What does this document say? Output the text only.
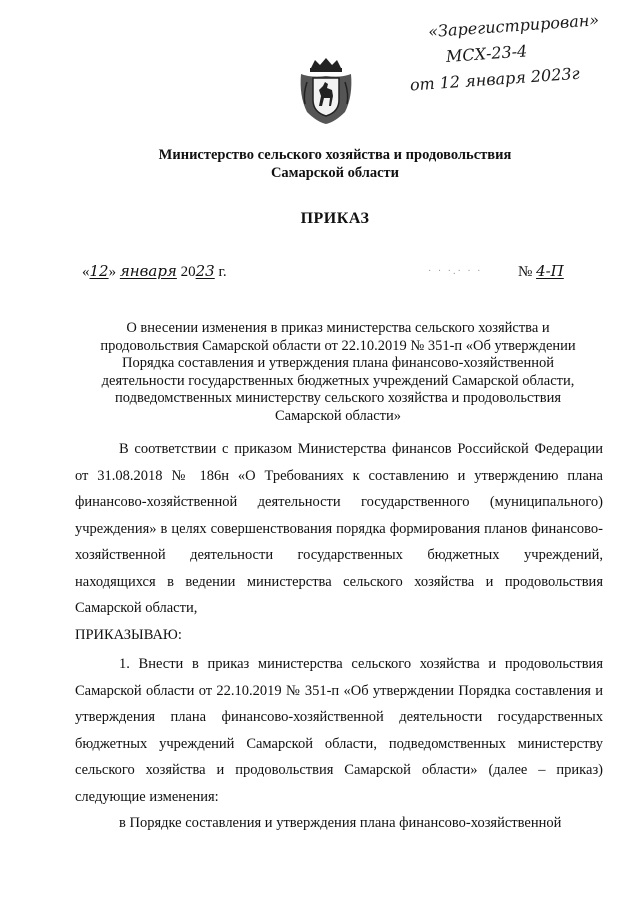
«Зарегистрирован»
МСХ-23-4
от 12 января 2023г
Министерство сельского хозяйства и продовольствия
Самарской области
ПРИКАЗ
«12» января 2023 г.	· · ·.· · ·	№ 4-П
О внесении изменения в приказ министерства сельского хозяйства и
продовольствия Самарской области от 22.10.2019 № 351-п «Об утверждении
Порядка составления и утверждения плана финансово-хозяйственной
деятельности государственных бюджетных учреждений Самарской области,
подведомственных министерству сельского хозяйства и продовольствия
Самарской области»

В соответствии с приказом Министерства финансов Российской Федерации от 31.08.2018 № 186н «О Требованиях к составлению и утверждению плана финансово-хозяйственной деятельности государственного (муниципального) учреждения» в целях совершенствования порядка формирования планов финансово-хозяйственной деятельности государственных бюджетных учреждений, находящихся в ведении министерства сельского хозяйства и продовольствия Самарской области,

ПРИКАЗЫВАЮ:

1. Внести в приказ министерства сельского хозяйства и продовольствия Самарской области от 22.10.2019 № 351-п «Об утверждении Порядка составления и утверждения плана финансово-хозяйственной деятельности государственных бюджетных учреждений Самарской области, подведомственных министерству сельского хозяйства и продовольствия Самарской области» (далее – приказ) следующие изменения:

в Порядке составления и утверждения плана финансово-хозяйственной
